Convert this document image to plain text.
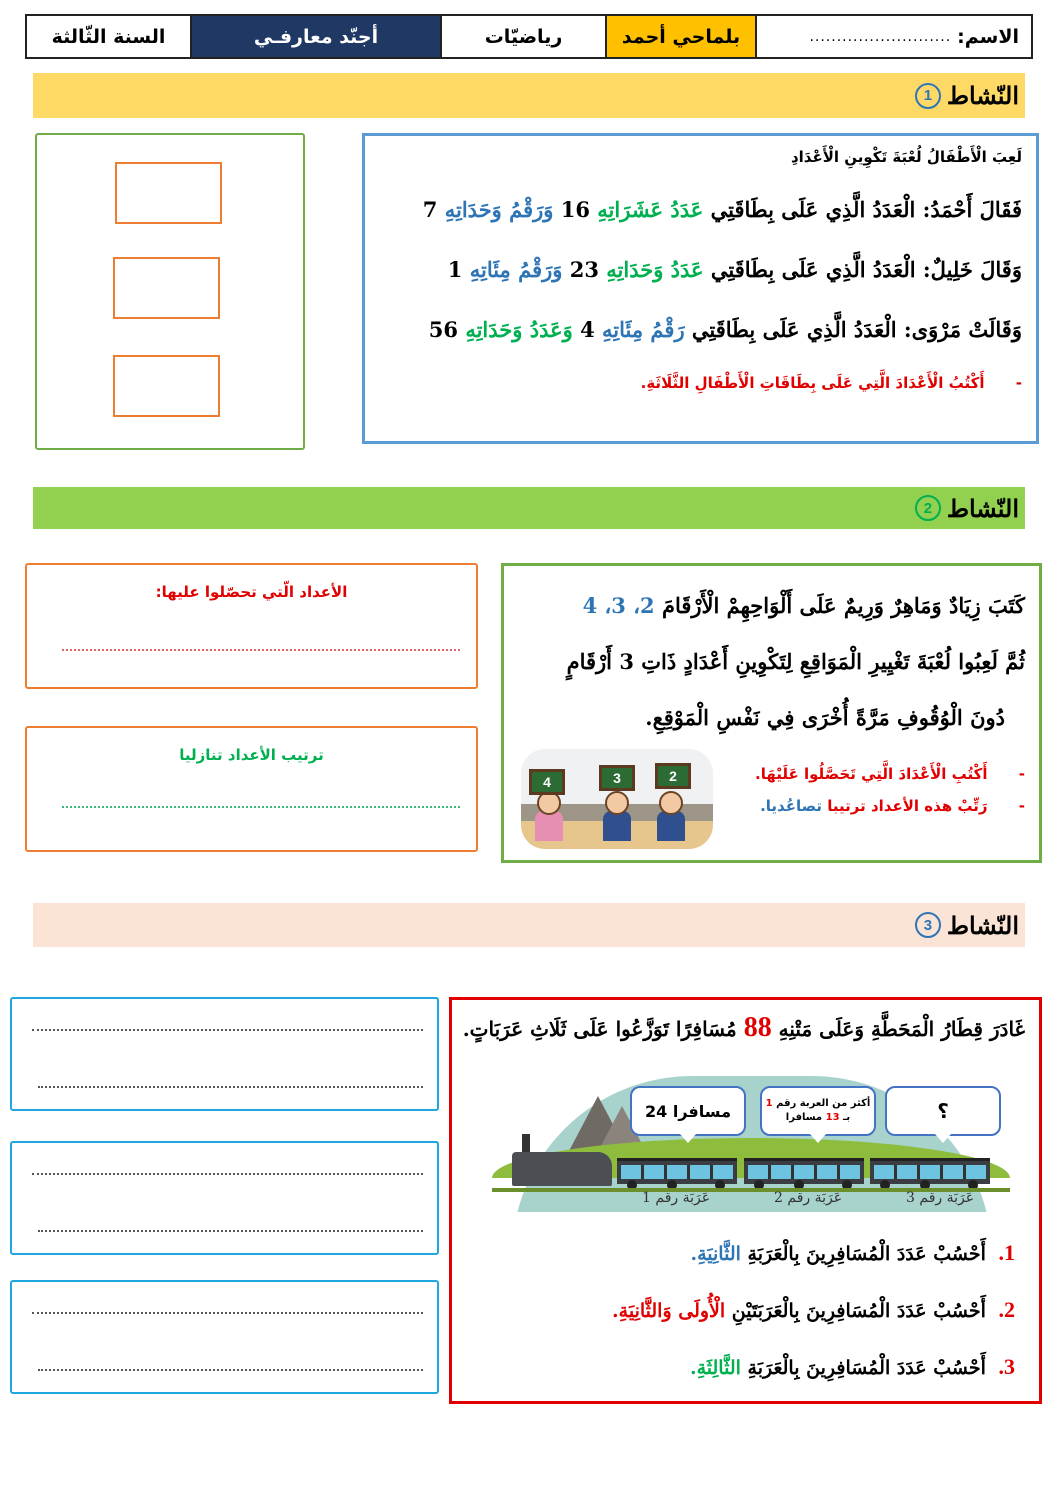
الاسم:
..........................
بلماحي أحمد
رياضيّات
أجنّد معارفـي
السنة الثّالثة
النّشاط
1
لَعِبَ الْأَطْفَالُ لُعْبَةَ تَكْوِينِ الْأَعْدَادِ
فَقَالَ أَحْمَدُ: الْعَدَدُ الَّذِي عَلَى بِطَاقَتِي عَدَدُ عَشَرَاتِهِ 16 وَرَقْمُ وَحَدَاتِهِ 7
وَقَالَ خَلِيلٌ: الْعَدَدُ الَّذِي عَلَى بِطَاقَتِي عَدَدُ وَحَدَاتِهِ 23 وَرَقْمُ مِئَاتِهِ 1
وَقَالَتْ مَرْوَى: الْعَدَدُ الَّذِي عَلَى بِطَاقَتِي رَقْمُ مِئَاتِهِ 4 وَعَدَدُ وَحَدَاتِهِ 56
- أَكْتُبُ الْأَعْدَادَ الَّتِي عَلَى بِطَاقَاتِ الْأَطْفَالِ الثَّلَاثَةِ.
النّشاط
2
كَتَبَ زِيَادٌ وَمَاهِرٌ وَرِيمٌ عَلَى أَلْوَاحِهِمْ الْأَرْقَامَ 2، 3، 4
ثُمَّ لَعِبُوا لُعْبَةَ تَغْيِيرِ الْمَوَاقِعِ لِتَكْوِينِ أَعْدَادٍ ذَاتِ 3 أَرْقَامٍ
دُونَ الْوُقُوفِ مَرَّةً أُخْرَى فِي نَفْسِ الْمَوْقِعِ.
4	3	2	- أَكْتُبِ الْأَعْدَادَ الَّتِي تَحَصَّلُوا عَلَيْهَا.
- رَتِّبْ هذه الأعداد ترتيبا تصاعُديا.
الأعداد الّتي تحصّلوا عليها:
ترتيب الأعداد تنازليا
النّشاط
3
غَادَرَ قِطَارُ الْمَحَطَّةِ وَعَلَى مَتْنِهِ 88 مُسَافِرًا تَوَزَّعُوا عَلَى ثَلَاثِ عَرَبَاتٍ.
24 مسافرا	أكثر من العربة رقم 1
بـ 13 مسافرا	؟
عَرَبَة رقم 1	عَرَبَة رقم 2	عَرَبَة رقم 3
1. أَحْسُبْ عَدَدَ الْمُسَافِرِينَ بِالْعَرَبَةِ الثَّانِيَةِ.
2. أَحْسُبْ عَدَدَ الْمُسَافِرِينَ بِالْعَرَبَتَيْنِ الْأُولَى وَالثَّانِيَةِ.
3. أَحْسُبْ عَدَدَ الْمُسَافِرِينَ بِالْعَرَبَةِ الثَّالِثَةِ.
